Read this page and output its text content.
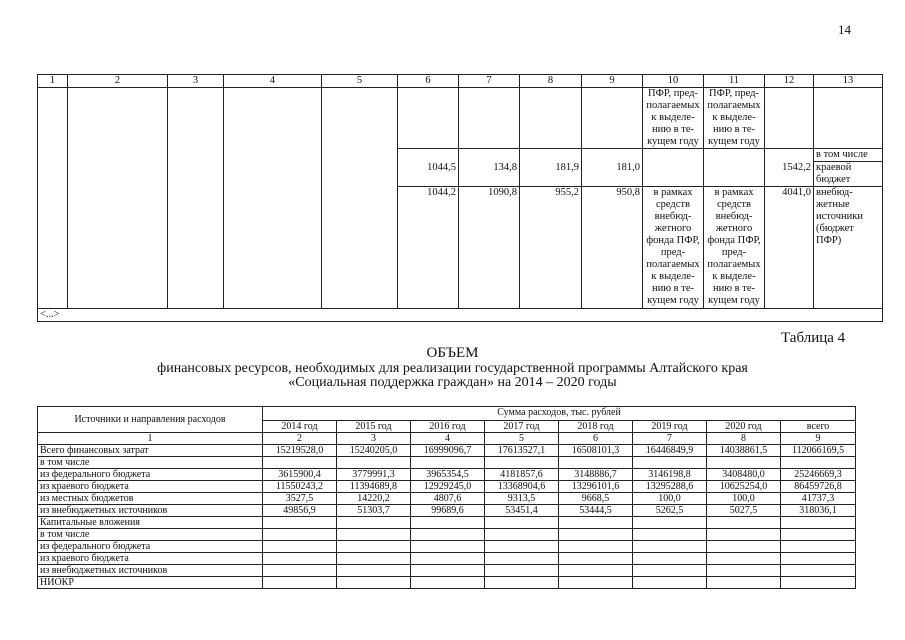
14
1	2	3	4	5	6	7	8	9	10	11	12	13
									ПФР, пред-полагаемых к выделе-нию в те-кущем году	ПФР, пред-полагаемых к выделе-нию в те-кущем году		
												в том числе
					1044,5	134,8	181,9	181,0			1542,2	краевой бюджет
					1044,2	1090,8	955,2	950,8	в рамках средств внебюд-жетного фонда ПФР, пред-полагаемых к выделе-нию в те-кущем году	в рамках средств внебюд-жетного фонда ПФР, пред-полагаемых к выделе-нию в те-кущем году	4041,0	внебюд-жетные источники (бюджет ПФР)
<...>												
Таблица 4
ОБЪЕМ
финансовых ресурсов, необходимых для реализации государственной программы Алтайского края
«Социальная поддержка граждан» на 2014 – 2020 годы
Источники и направления расходов	Сумма расходов, тыс. рублей							
	2014 год	2015 год	2016 год	2017 год	2018 год	2019 год	2020 год	всего
1	2	3	4	5	6	7	8	9
Всего финансовых затрат	15219528,0	15240205,0	16999096,7	17613527,1	16508101,3	16446849,9	14038861,5	112066169,5
в том числе								
из федерального бюджета	3615900,4	3779991,3	3965354,5	4181857,6	3148886,7	3146198,8	3408480,0	25246669,3
из краевого бюджета	11550243,2	11394689,8	12929245,0	13368904,6	13296101,6	13295288,6	10625254,0	86459726,8
из местных бюджетов	3527,5	14220,2	4807,6	9313,5	9668,5	100,0	100,0	41737,3
из внебюджетных источников	49856,9	51303,7	99689,6	53451,4	53444,5	5262,5	5027,5	318036,1
Капитальные вложения								
в том числе								
из федерального бюджета								
из краевого бюджета								
из внебюджетных источников								
НИОКР								
